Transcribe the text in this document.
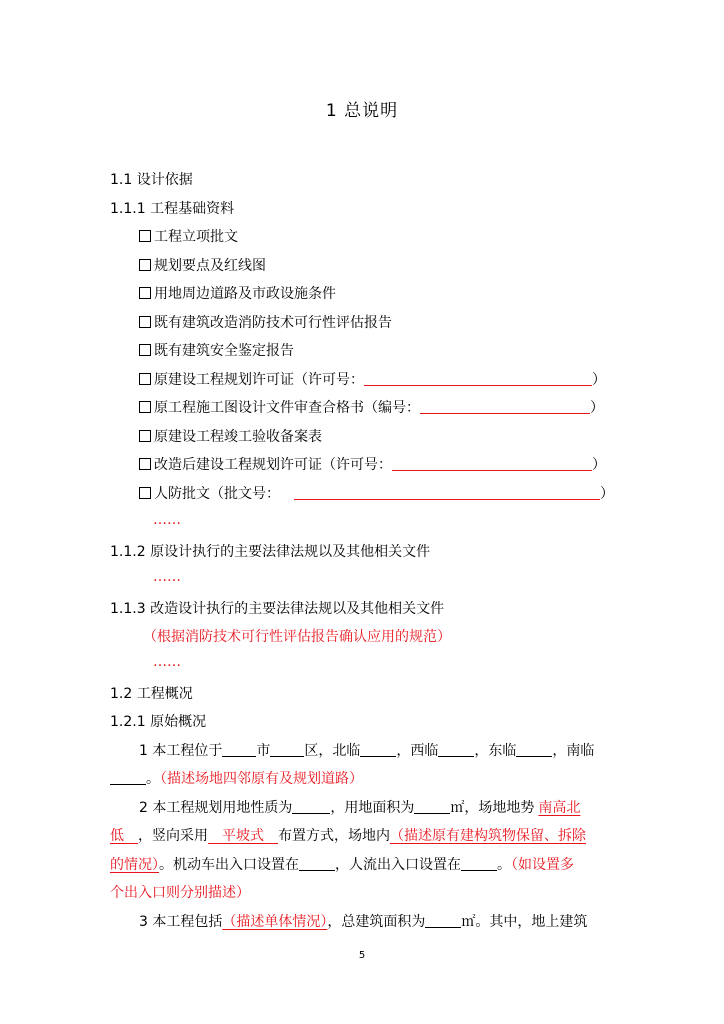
1 总说明
1.1 设计依据
1.1.1 工程基础资料
工程立项批文
规划要点及红线图
用地周边道路及市政设施条件
既有建筑改造消防技术可行性评估报告
既有建筑安全鉴定报告
原建设工程规划许可证（许可号：	）
原工程施工图设计文件审查合格书（编号：	）
原建设工程竣工验收备案表
改造后建设工程规划许可证（许可号：	）
人防批文（批文号：	）
……
1.1.2 原设计执行的主要法律法规以及其他相关文件
……
1.1.3 改造设计执行的主要法律法规以及其他相关文件
（根据消防技术可行性评估报告确认应用的规范）
……
1.2 工程概况
1.2.1 原始概况
1 本工程位于 市 区，北临	，西临	，东临	，南临
。（描述场地四邻原有及规划道路）
2 本工程规划用地性质为	，用地面积为	㎡，场地地势 南高北
低　 ，竖向采用  平坡式  布置方式，场地内（描述原有建构筑物保留、拆除
的情况）。机动车出入口设置在	，人流出入口设置在	。（如设置多
个出入口则分别描述）
3 本工程包括（描述单体情况），总建筑面积为	㎡。其中，地上建筑
5
